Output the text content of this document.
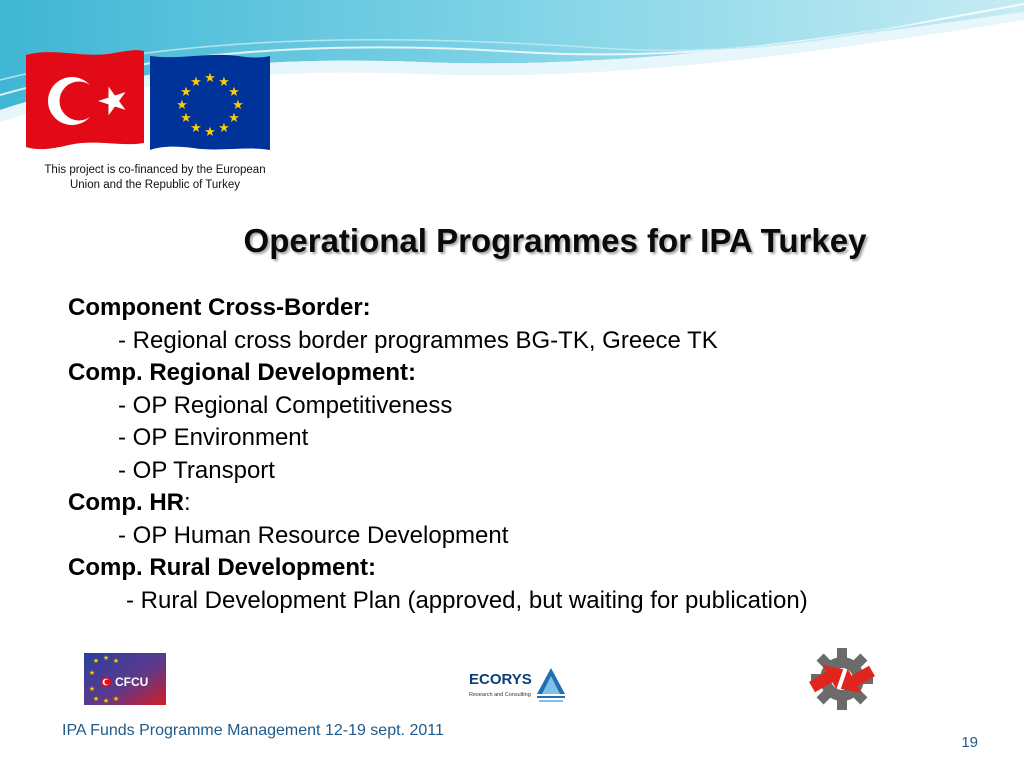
★ ★
★
★
★
★
★
★
★
★
★
★
This project is co-financed by the European
Union and the Republic of Turkey
Operational Programmes for IPA Turkey
Component Cross-Border:
- Regional cross border programmes BG-TK, Greece TK
Comp. Regional Development:
- OP Regional Competitiveness
- OP Environment
- OP Transport
Comp. HR:
- OP Human Resource Development
Comp. Rural Development:
- Rural Development Plan (approved, but waiting for publication)
★ ★ ★
★
★
★ ★ ★
CFCU	ECORYS
Research and Consulting
IPA Funds Programme Management 12-19 sept. 2011
19
